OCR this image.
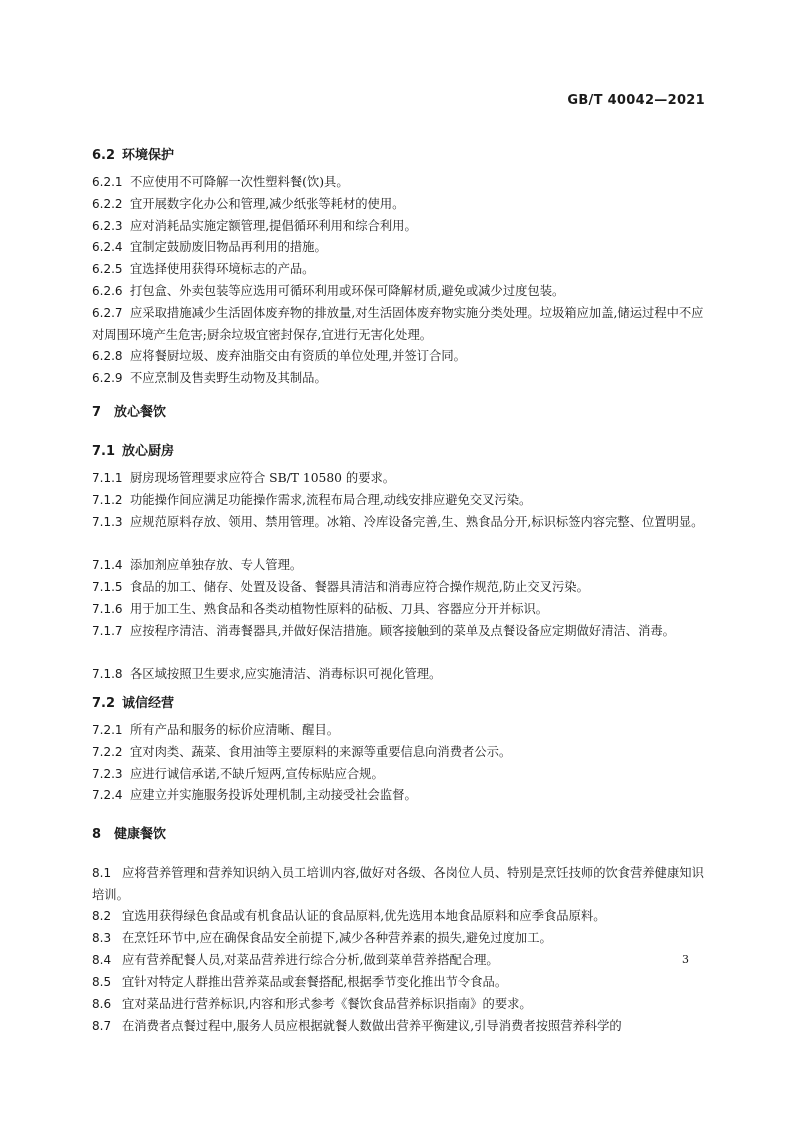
GB/T 40042—2021
6.2 环境保护
6.2.1 不应使用不可降解一次性塑料餐(饮)具。
6.2.2 宜开展数字化办公和管理,减少纸张等耗材的使用。
6.2.3 应对消耗品实施定额管理,提倡循环利用和综合利用。
6.2.4 宜制定鼓励废旧物品再利用的措施。
6.2.5 宜选择使用获得环境标志的产品。
6.2.6 打包盒、外卖包装等应选用可循环利用或环保可降解材质,避免或减少过度包装。
6.2.7 应采取措施减少生活固体废弃物的排放量,对生活固体废弃物实施分类处理。垃圾箱应加盖,储运过程中不应对周围环境产生危害;厨余垃圾宜密封保存,宜进行无害化处理。
6.2.8 应将餐厨垃圾、废弃油脂交由有资质的单位处理,并签订合同。
6.2.9 不应烹制及售卖野生动物及其制品。
7 放心餐饮
7.1 放心厨房
7.1.1 厨房现场管理要求应符合 SB/T 10580 的要求。
7.1.2 功能操作间应满足功能操作需求,流程布局合理,动线安排应避免交叉污染。
7.1.3 应规范原料存放、领用、禁用管理。冰箱、冷库设备完善,生、熟食品分开,标识标签内容完整、位置明显。
7.1.4 添加剂应单独存放、专人管理。
7.1.5 食品的加工、储存、处置及设备、餐器具清洁和消毒应符合操作规范,防止交叉污染。
7.1.6 用于加工生、熟食品和各类动植物性原料的砧板、刀具、容器应分开并标识。
7.1.7 应按程序清洁、消毒餐器具,并做好保洁措施。顾客接触到的菜单及点餐设备应定期做好清洁、消毒。
7.1.8 各区域按照卫生要求,应实施清洁、消毒标识可视化管理。
7.2 诚信经营
7.2.1 所有产品和服务的标价应清晰、醒目。
7.2.2 宜对肉类、蔬菜、食用油等主要原料的来源等重要信息向消费者公示。
7.2.3 应进行诚信承诺,不缺斤短两,宣传标贴应合规。
7.2.4 应建立并实施服务投诉处理机制,主动接受社会监督。
8 健康餐饮
8.1 应将营养管理和营养知识纳入员工培训内容,做好对各级、各岗位人员、特别是烹饪技师的饮食营养健康知识培训。
8.2 宜选用获得绿色食品或有机食品认证的食品原料,优先选用本地食品原料和应季食品原料。
8.3 在烹饪环节中,应在确保食品安全前提下,减少各种营养素的损失,避免过度加工。
8.4 应有营养配餐人员,对菜品营养进行综合分析,做到菜单营养搭配合理。
8.5 宜针对特定人群推出营养菜品或套餐搭配,根据季节变化推出节令食品。
8.6 宜对菜品进行营养标识,内容和形式参考《餐饮食品营养标识指南》的要求。
8.7 在消费者点餐过程中,服务人员应根据就餐人数做出营养平衡建议,引导消费者按照营养科学的
3
